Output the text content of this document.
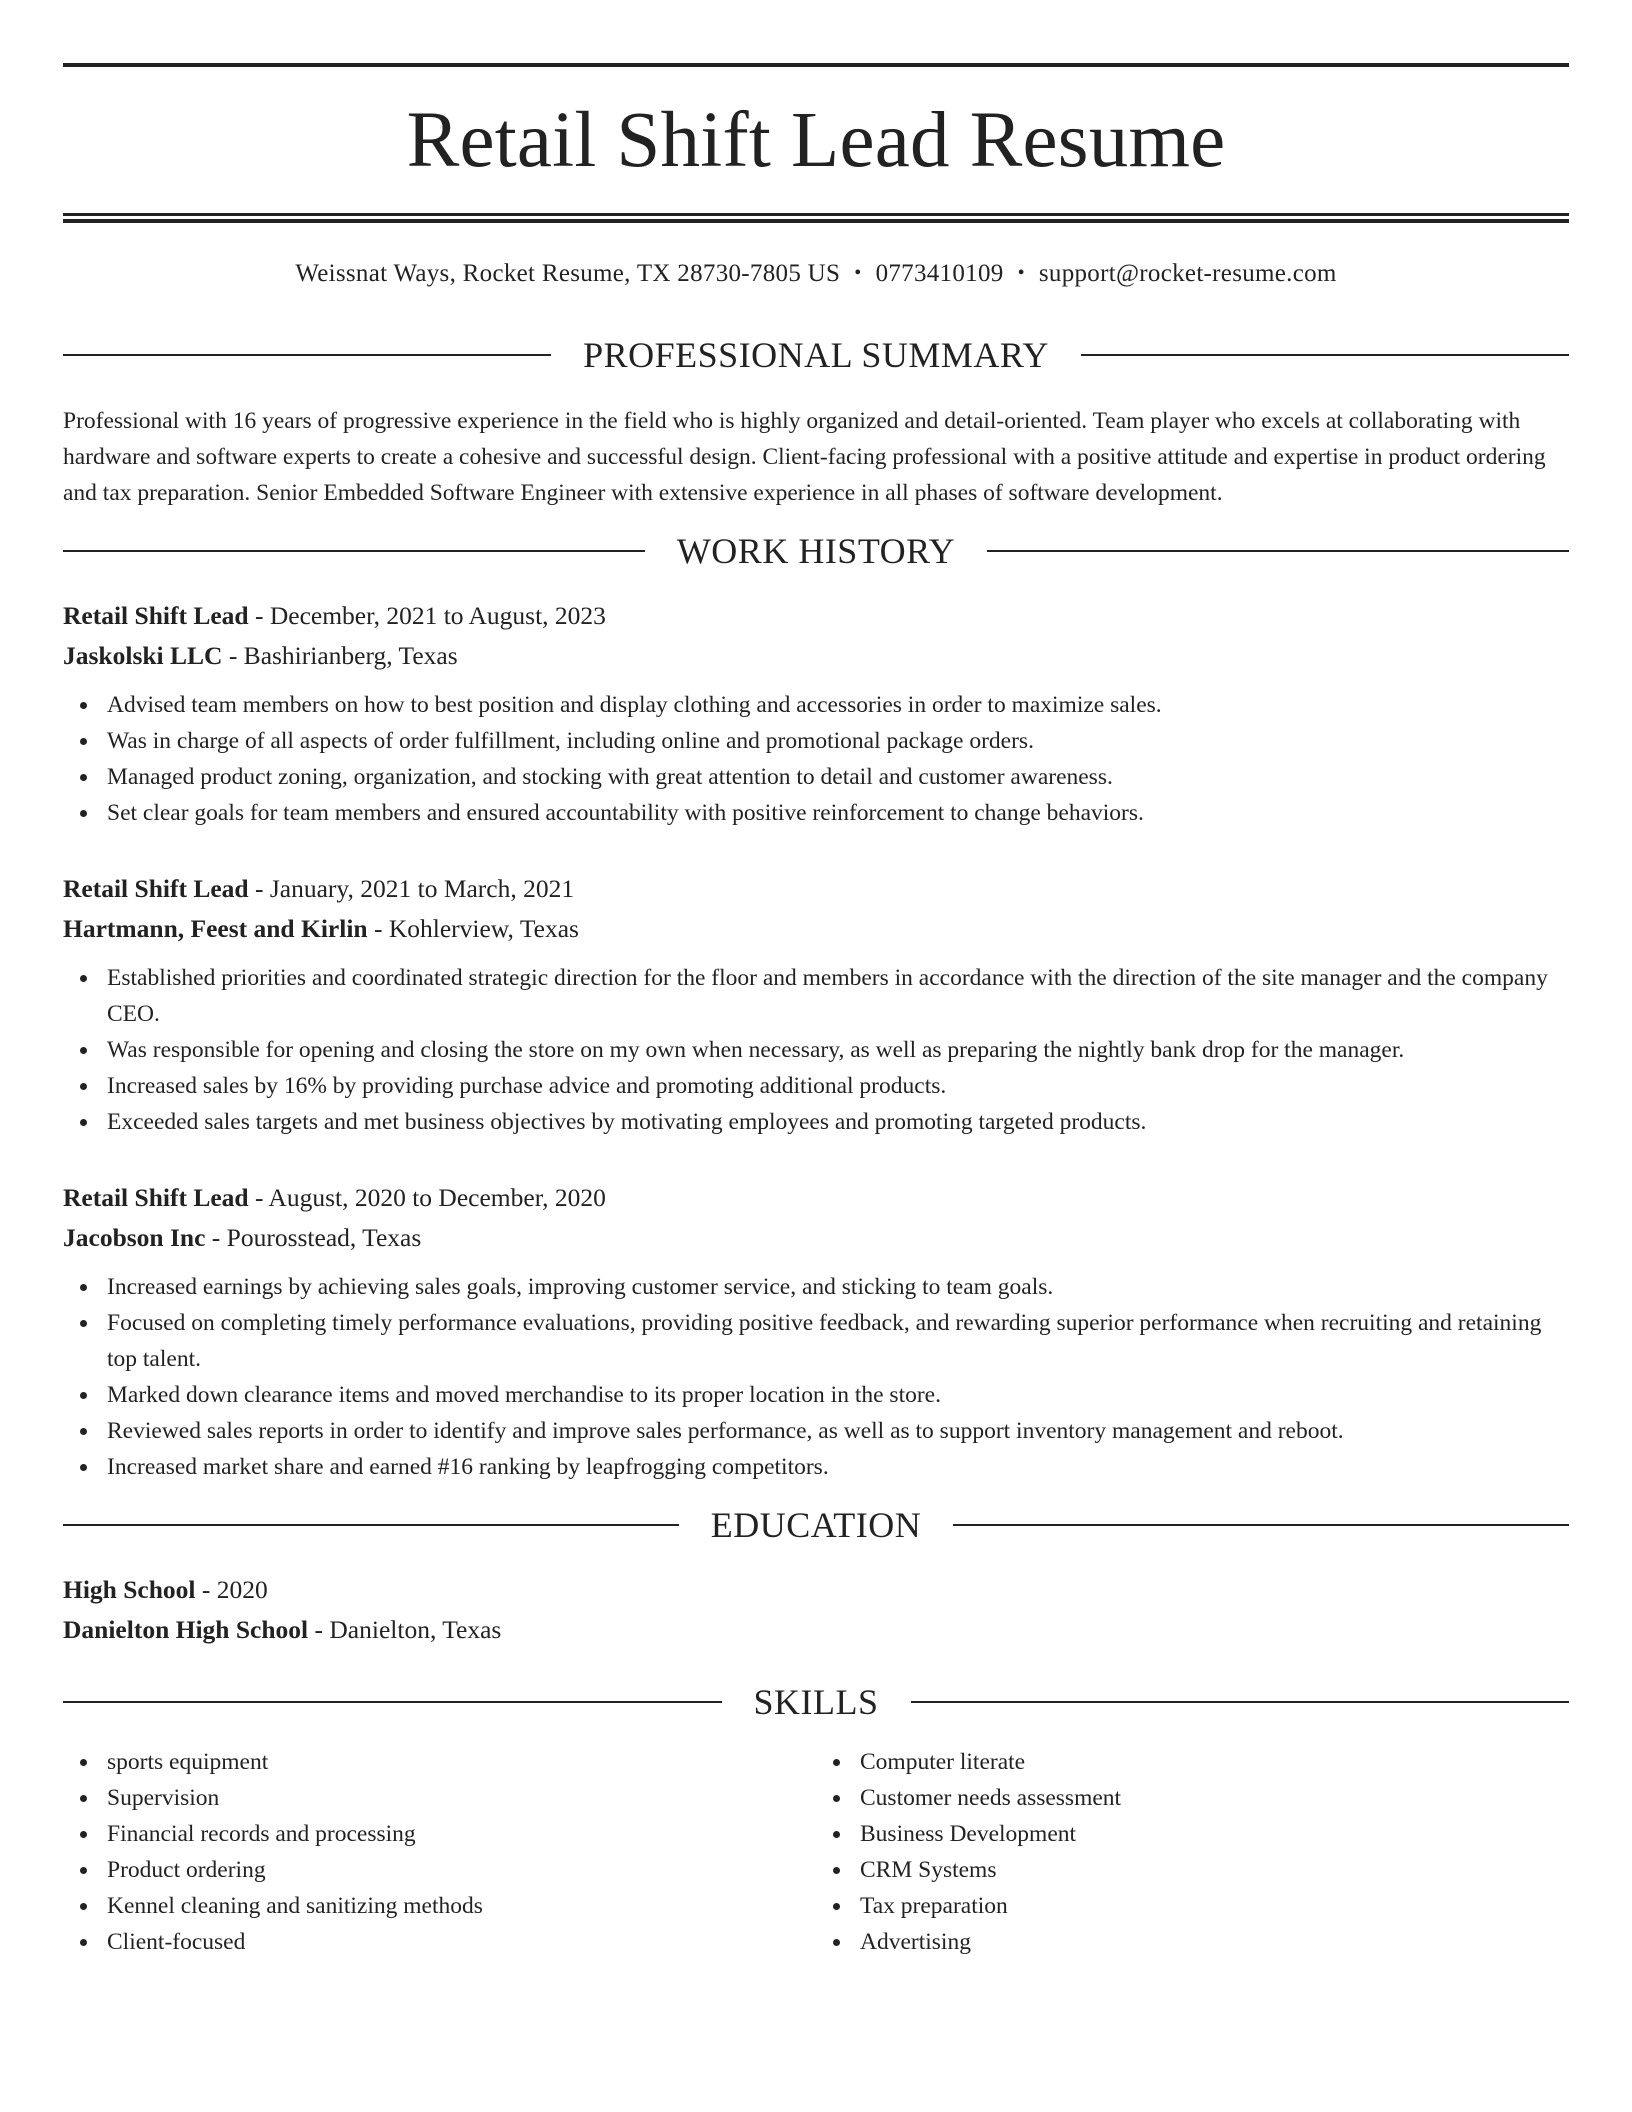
Retail Shift Lead Resume
Weissnat Ways, Rocket Resume, TX 28730-7805 US • 0773410109 • support@rocket-resume.com
PROFESSIONAL SUMMARY

Professional with 16 years of progressive experience in the field who is highly organized and detail-oriented. Team player who excels at collaborating with hardware and software experts to create a cohesive and successful design. Client-facing professional with a positive attitude and expertise in product ordering and tax preparation. Senior Embedded Software Engineer with extensive experience in all phases of software development.

WORK HISTORY
Retail Shift Lead - December, 2021 to August, 2023
Jaskolski LLC - Bashirianberg, Texas
Advised team members on how to best position and display clothing and accessories in order to maximize sales.
Was in charge of all aspects of order fulfillment, including online and promotional package orders.
Managed product zoning, organization, and stocking with great attention to detail and customer awareness.
Set clear goals for team members and ensured accountability with positive reinforcement to change behaviors.
Retail Shift Lead - January, 2021 to March, 2021
Hartmann, Feest and Kirlin - Kohlerview, Texas
Established priorities and coordinated strategic direction for the floor and members in accordance with the direction of the site manager and the company CEO.
Was responsible for opening and closing the store on my own when necessary, as well as preparing the nightly bank drop for the manager.
Increased sales by 16% by providing purchase advice and promoting additional products.
Exceeded sales targets and met business objectives by motivating employees and promoting targeted products.
Retail Shift Lead - August, 2020 to December, 2020
Jacobson Inc - Pourosstead, Texas
Increased earnings by achieving sales goals, improving customer service, and sticking to team goals.
Focused on completing timely performance evaluations, providing positive feedback, and rewarding superior performance when recruiting and retaining top talent.
Marked down clearance items and moved merchandise to its proper location in the store.
Reviewed sales reports in order to identify and improve sales performance, as well as to support inventory management and reboot.
Increased market share and earned #16 ranking by leapfrogging competitors.
EDUCATION
High School - 2020
Danielton High School - Danielton, Texas
SKILLS
sports equipment
Supervision
Financial records and processing
Product ordering
Kennel cleaning and sanitizing methods
Client-focused
Computer literate
Customer needs assessment
Business Development
CRM Systems
Tax preparation
Advertising
